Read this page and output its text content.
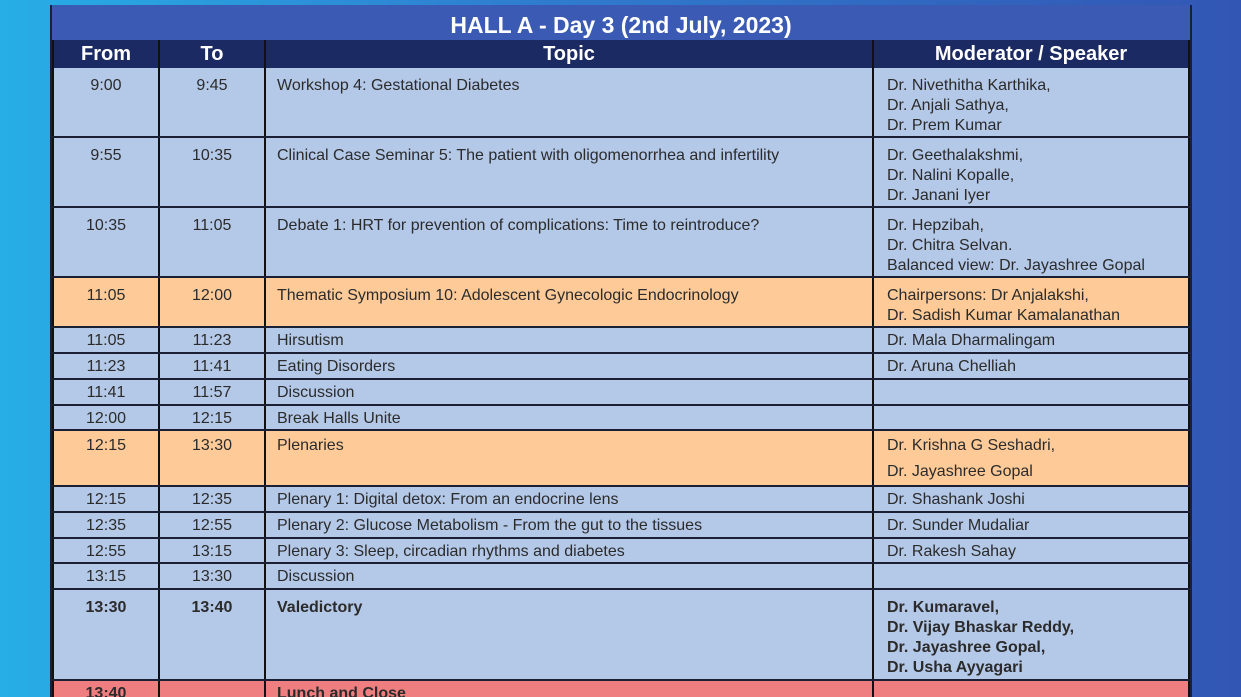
HALL A - Day 3 (2nd July, 2023)
From	To	Topic	Moderator / Speaker
9:00	9:45	Workshop 4: Gestational Diabetes	Dr. Nivethitha Karthika,
Dr. Anjali Sathya,
Dr. Prem Kumar

9:55	10:35	Clinical Case Seminar 5: The patient with oligomenorrhea and infertility	Dr. Geethalakshmi,
Dr. Nalini Kopalle,
Dr. Janani Iyer

10:35	11:05	Debate 1: HRT for prevention of complications: Time to reintroduce?	Dr. Hepzibah,
Dr. Chitra Selvan.
Balanced view: Dr. Jayashree Gopal

11:05	12:00	Thematic Symposium 10: Adolescent Gynecologic Endocrinology	Chairpersons: Dr Anjalakshi,
Dr. Sadish Kumar Kamalanathan

11:05	11:23	Hirsutism	Dr. Mala Dharmalingam

11:23	11:41	Eating Disorders	Dr. Aruna Chelliah

11:41	11:57	Discussion	
12:00	12:15	Break Halls Unite	
12:15	13:30	Plenaries	Dr. Krishna G Seshadri,
Dr. Jayashree Gopal

12:15	12:35	Plenary 1: Digital detox: From an endocrine lens	Dr. Shashank Joshi

12:35	12:55	Plenary 2: Glucose Metabolism - From the gut to the tissues	Dr. Sunder Mudaliar

12:55	13:15	Plenary 3: Sleep, circadian rhythms and diabetes	Dr. Rakesh Sahay

13:15	13:30	Discussion	
13:30	13:40	Valedictory	Dr. Kumaravel,
Dr. Vijay Bhaskar Reddy,
Dr. Jayashree Gopal,
Dr. Usha Ayyagari

13:40		Lunch and Close	
